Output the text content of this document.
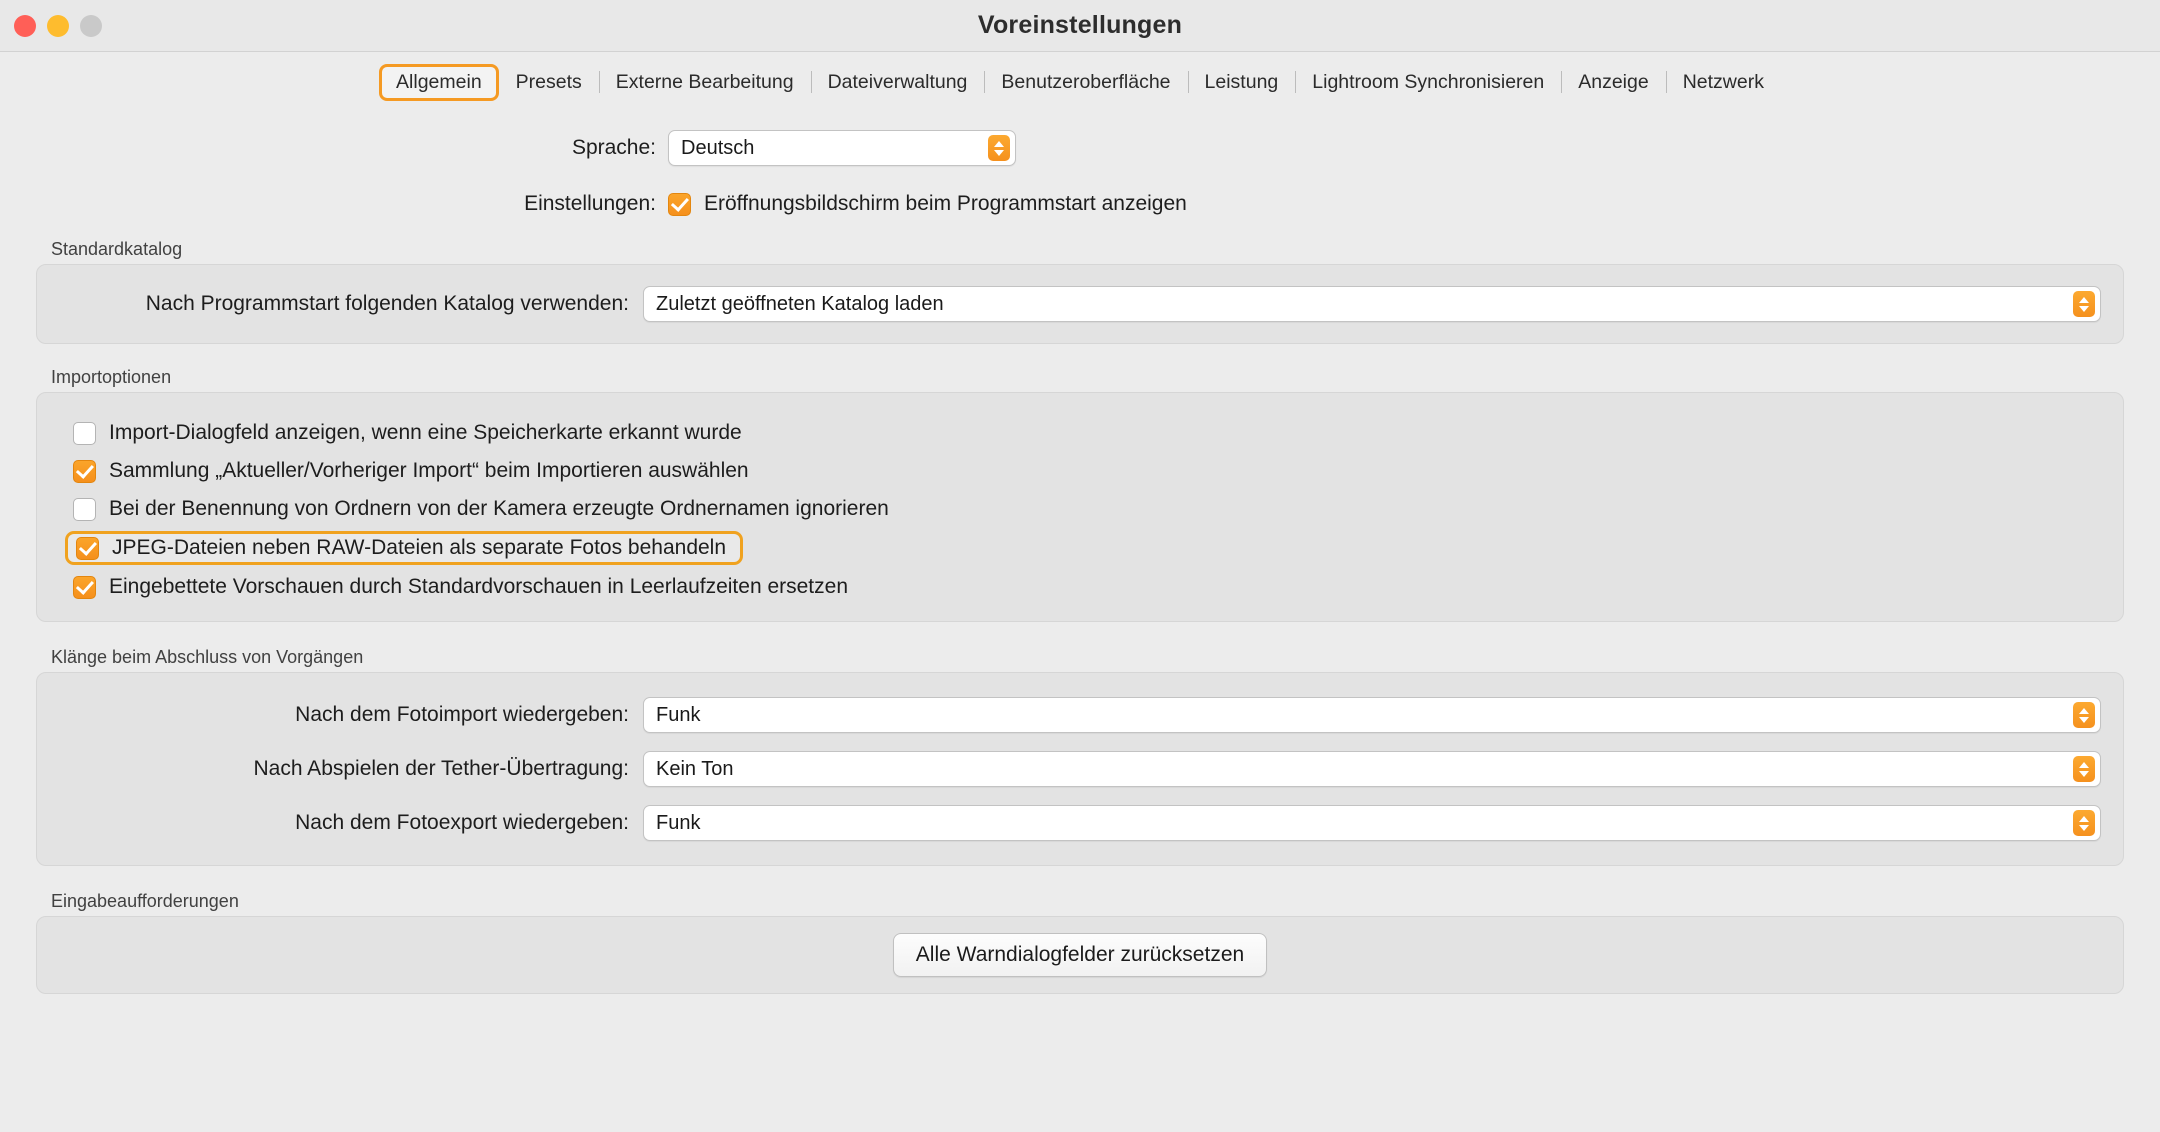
Voreinstellungen
Allgemein	Presets	Externe Bearbeitung	Dateiverwaltung	Benutzeroberfläche	Leistung	Lightroom Synchronisieren	Anzeige	Netzwerk
Sprache: Deutsch
Einstellungen: Eröffnungsbildschirm beim Programmstart anzeigen
Standardkatalog
Nach Programmstart folgenden Katalog verwenden: Zuletzt geöffneten Katalog laden
Importoptionen
Import-Dialogfeld anzeigen, wenn eine Speicherkarte erkannt wurde
Sammlung „Aktueller/Vorheriger Import“ beim Importieren auswählen
Bei der Benennung von Ordnern von der Kamera erzeugte Ordnernamen ignorieren
JPEG-Dateien neben RAW-Dateien als separate Fotos behandeln
Eingebettete Vorschauen durch Standardvorschauen in Leerlaufzeiten ersetzen
Klänge beim Abschluss von Vorgängen
Nach dem Fotoimport wiedergeben: Funk
Nach Abspielen der Tether-Übertragung: Kein Ton
Nach dem Fotoexport wiedergeben: Funk
Eingabeaufforderungen
Alle Warndialogfelder zurücksetzen
